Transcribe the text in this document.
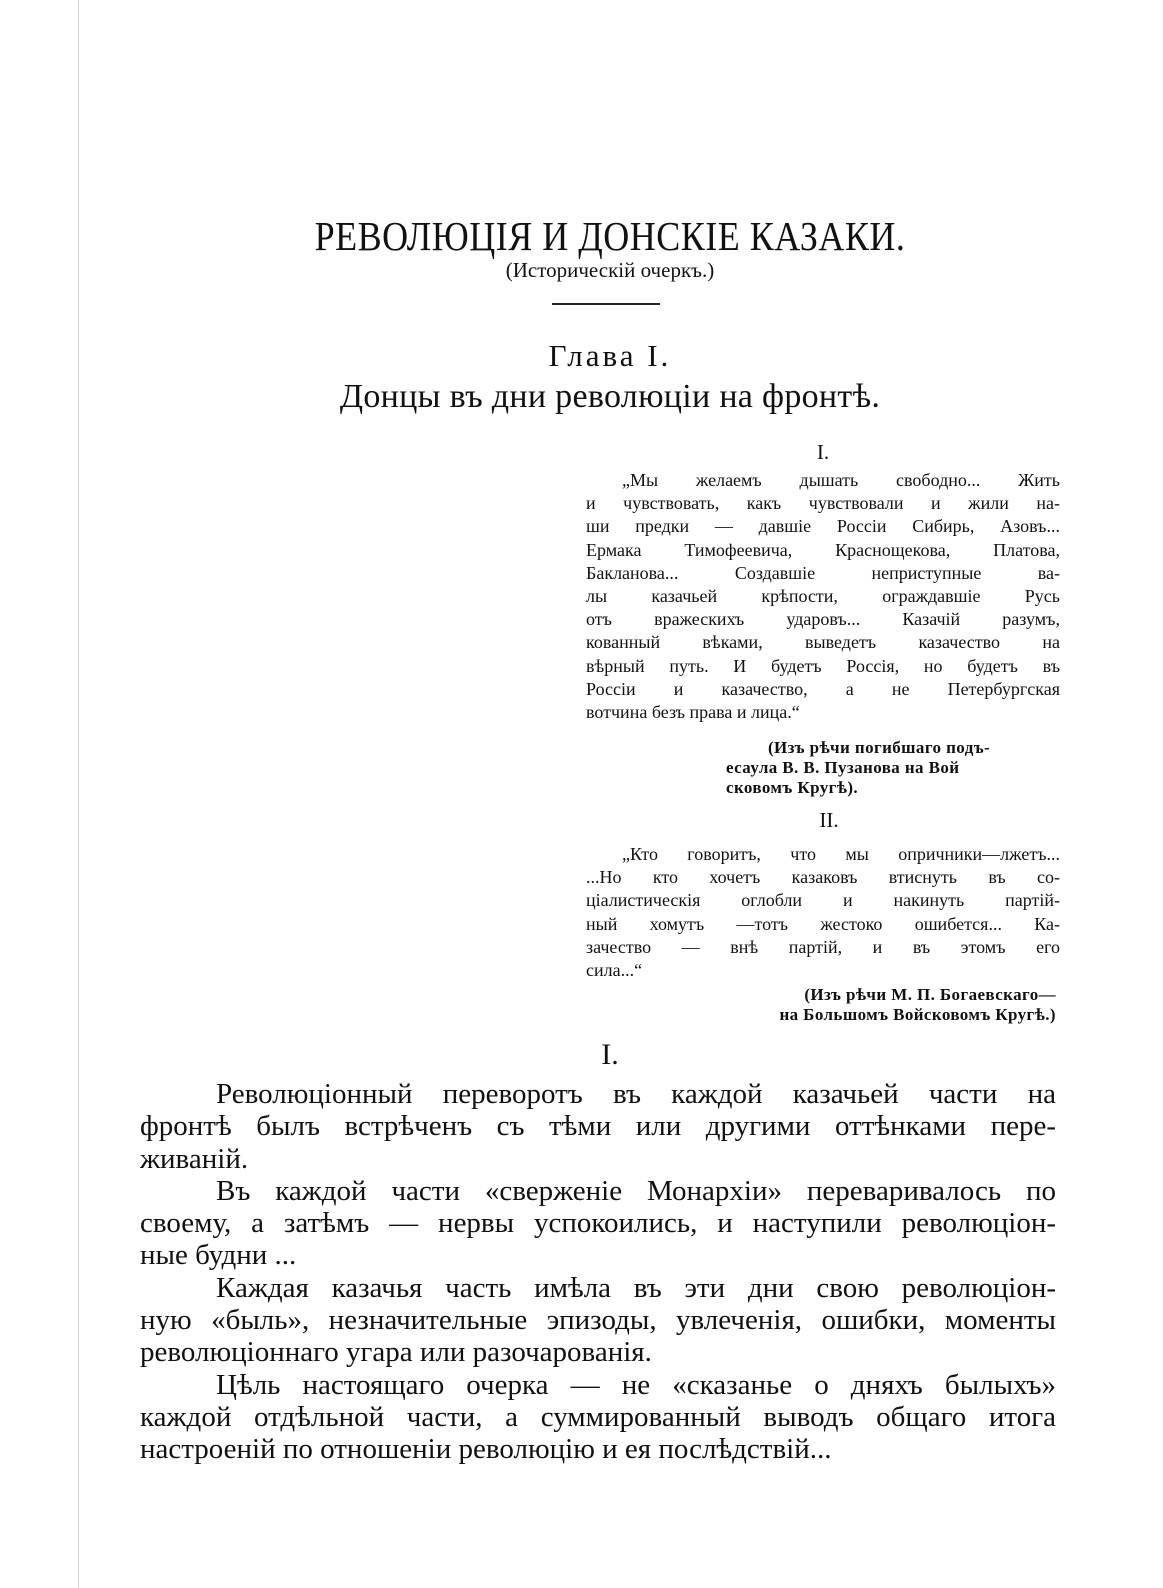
РЕВОЛЮЦІЯ И ДОНСКІЕ КАЗАКИ.
(Историческій очеркъ.)
Глава І.
Донцы въ дни революціи на фронтѣ.
I.
„Мы желаемъ дышать свободно... Жить
и чувствовать, какъ чувствовали и жили на-
ши предки — давшіе Россіи Сибирь, Азовъ...
Ермака Тимофеевича, Краснощекова, Платова,
Бакланова... Создавшіе неприступные ва-
лы казачьей крѣпости, ограждавшіе Русь
отъ вражескихъ ударовъ... Казачій разумъ,
кованный вѣками, выведетъ казачество на
вѣрный путь. И будетъ Россія, но будетъ въ
Россіи и казачество, а не Петербургская
вотчина безъ права и лица.“
(Изъ рѣчи погибшаго подъ-
есаула В. В. Пузанова на Вой
сковомъ Кругѣ).
II.
„Кто говоритъ, что мы опричники—лжетъ...
...Но кто хочетъ казаковъ втиснуть въ со-
ціалистическія оглобли и накинуть партій-
ный хомутъ —тотъ жестоко ошибется... Ка-
зачество — внѣ партій, и въ этомъ его
сила...“
(Изъ рѣчи М. П. Богаевскаго—
на Большомъ Войсковомъ Кругѣ.)
I.
Революціонный переворотъ въ каждой казачьей части на
фронтѣ былъ встрѣченъ съ тѣми или другими оттѣнками пере-
живаній.
Въ каждой части «сверженіе Монархіи» переваривалось по
своему, а затѣмъ — нервы успокоились, и наступили революціон-
ные будни ...
Каждая казачья часть имѣла въ эти дни свою революціон-
ную «быль», незначительные эпизоды, увлеченія, ошибки, моменты
революціоннаго угара или разочарованія.
Цѣль настоящаго очерка — не «сказанье о дняхъ былыхъ»
каждой отдѣльной части, а суммированный выводъ общаго итога
настроеній по отношеніи революцію и ея послѣдствій...
